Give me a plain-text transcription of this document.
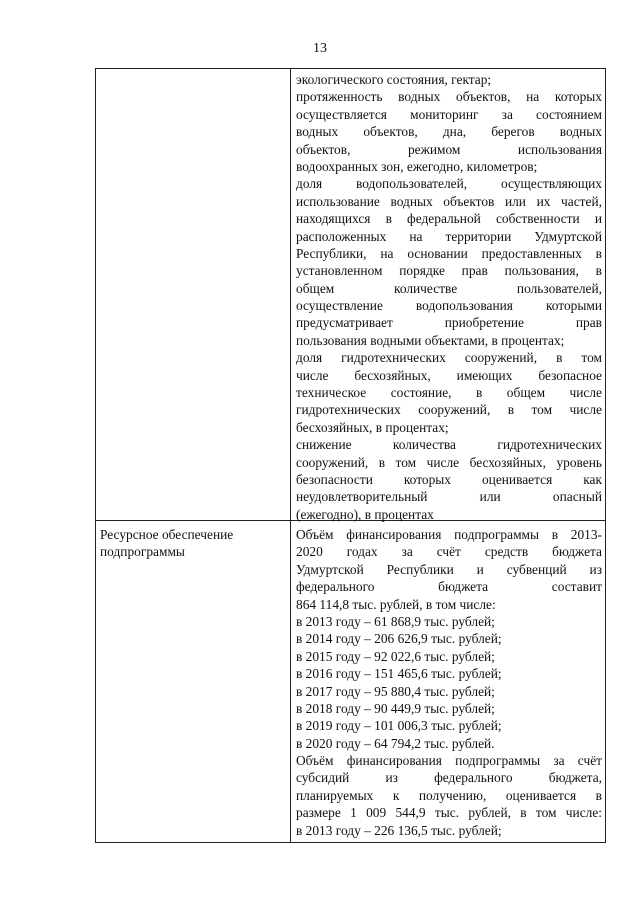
13
экологического состояния, гектар;
протяженность водных объектов, на которых
осуществляется мониторинг за состоянием
водных объектов, дна, берегов водных
объектов, режимом использования
водоохранных зон, ежегодно, километров;
доля водопользователей, осуществляющих
использование водных объектов или их частей,
находящихся в федеральной собственности и
расположенных на территории Удмуртской
Республики, на основании предоставленных в
установленном порядке прав пользования, в
общем количестве пользователей,
осуществление водопользования которыми
предусматривает приобретение прав
пользования водными объектами, в процентах;
доля гидротехнических сооружений, в том
числе бесхозяйных, имеющих безопасное
техническое состояние, в общем числе
гидротехнических сооружений, в том числе
бесхозяйных, в процентах;
снижение количества гидротехнических
сооружений, в том числе бесхозяйных, уровень
безопасности которых оценивается как
неудовлетворительный или опасный
(ежегодно), в процентах
Ресурсное обеспечение
подпрограммы
Объём финансирования подпрограммы в 2013-
2020 годах за счёт средств бюджета
Удмуртской Республики и субвенций из
федерального бюджета составит
864 114,8 тыс. рублей, в том числе:
в 2013 году – 61 868,9 тыс. рублей;
в 2014 году – 206 626,9 тыс. рублей;
в 2015 году – 92 022,6 тыс. рублей;
в 2016 году – 151 465,6 тыс. рублей;
в 2017 году – 95 880,4 тыс. рублей;
в 2018 году – 90 449,9 тыс. рублей;
в 2019 году – 101 006,3 тыс. рублей;
в 2020 году – 64 794,2 тыс. рублей.
Объём финансирования подпрограммы за счёт
субсидий из федерального бюджета,
планируемых к получению, оценивается в
размере 1 009 544,9 тыс. рублей, в том числе:
в 2013 году – 226 136,5 тыс. рублей;
